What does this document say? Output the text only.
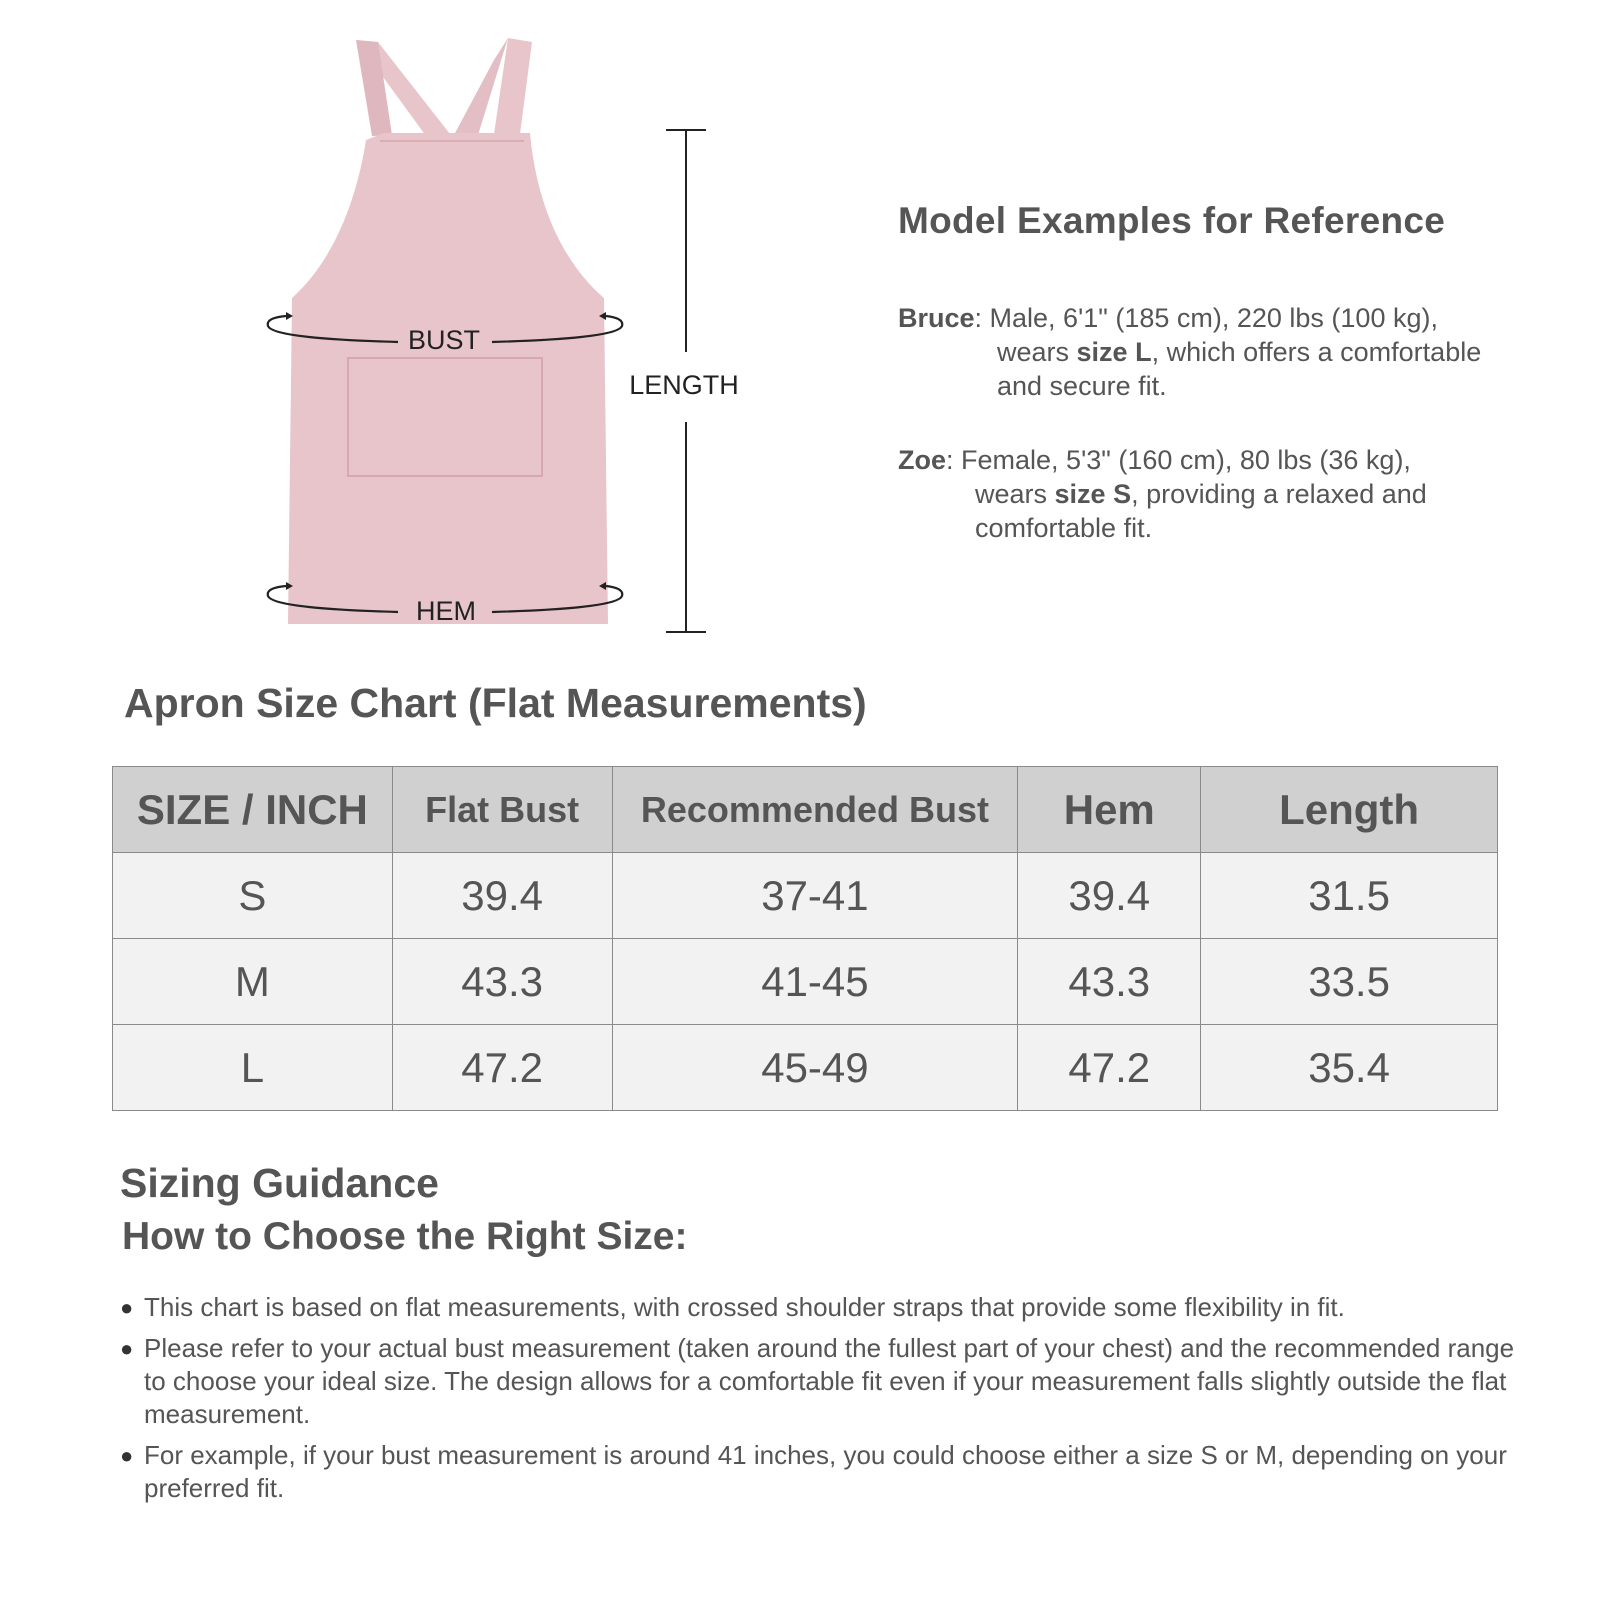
BUST
HEM
LENGTH
Model Examples for Reference
Bruce: Male, 6'1" (185 cm), 220 lbs (100 kg),
wears size L, which offers a comfortable
and secure fit.
Zoe: Female, 5'3" (160 cm), 80 lbs (36 kg),
wears size S, providing a relaxed and
comfortable fit.
Apron Size Chart (Flat Measurements)
SIZE / INCH	Flat Bust	Recommended Bust	Hem	Length
S	39.4	37-41	39.4	31.5
M	43.3	41-45	43.3	33.5
L	47.2	45-49	47.2	35.4
Sizing Guidance
How to Choose the Right Size:
● This chart is based on flat measurements, with crossed shoulder straps that provide some flexibility in fit.
● Please refer to your actual bust measurement (taken around the fullest part of your chest) and the recommended range to choose your ideal size. The design allows for a comfortable fit even if your measurement falls slightly outside the flat measurement.
● For example, if your bust measurement is around 41 inches, you could choose either a size S or M, depending on your preferred fit.
